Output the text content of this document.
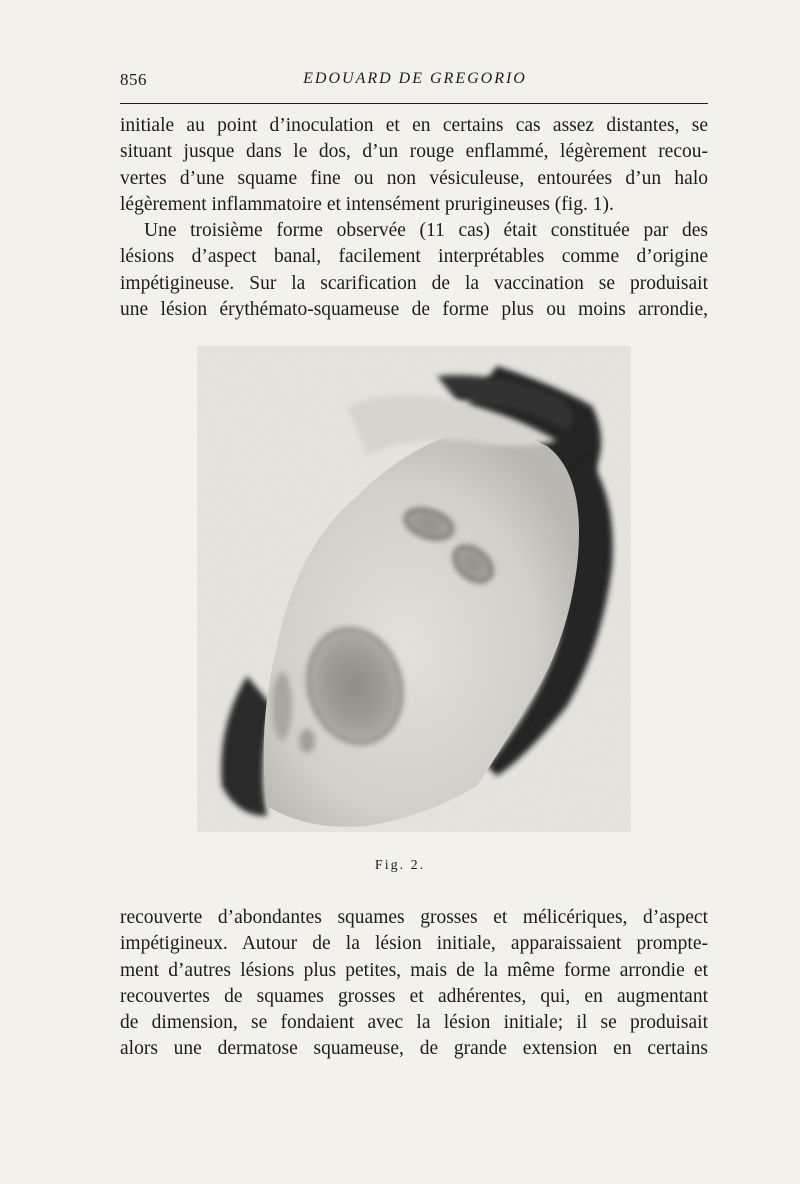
856	EDOUARD DE GREGORIO
initiale au point d’inoculation et en certains cas assez distantes, se
situant jusque dans le dos, d’un rouge enflammé, légèrement recou-
vertes d’une squame fine ou non vésiculeuse, entourées d’un halo
légèrement inflammatoire et intensément prurigineuses (fig. 1).
Une troisième forme observée (11 cas) était constituée par des
lésions d’aspect banal, facilement interprétables comme d’origine
impétigineuse. Sur la scarification de la vaccination se produisait
une lésion érythémato-squameuse de forme plus ou moins arrondie,
Fig. 2.
recouverte d’abondantes squames grosses et mélicériques, d’aspect
impétigineux. Autour de la lésion initiale, apparaissaient prompte-
ment d’autres lésions plus petites, mais de la même forme arrondie et
recouvertes de squames grosses et adhérentes, qui, en augmentant
de dimension, se fondaient avec la lésion initiale; il se produisait
alors une dermatose squameuse, de grande extension en certains
